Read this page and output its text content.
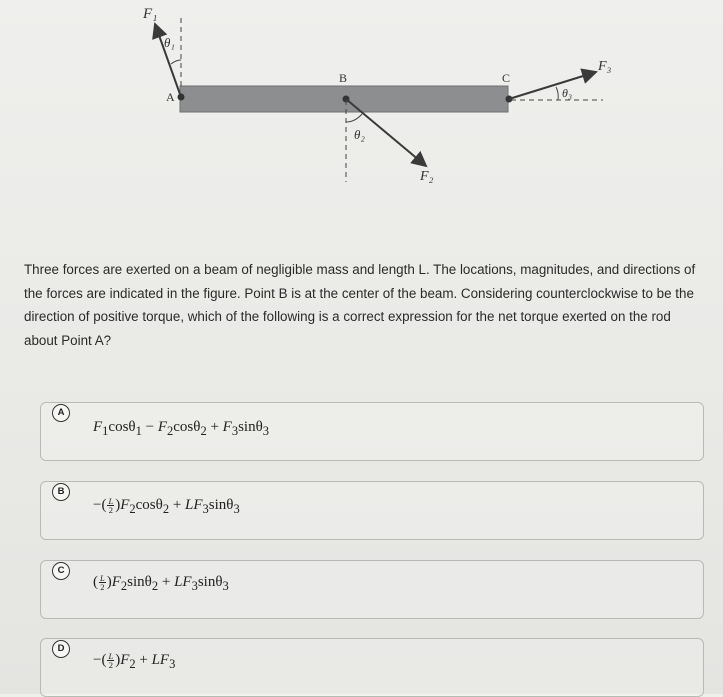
F₁
θ₁
A
B	C
θ₂
F₂
F₃
θ₃

Three forces are exerted on a beam of negligible mass and length L. The locations, magnitudes, and directions of the forces are indicated in the figure. Point B is at the center of the beam. Considering counterclockwise to be the direction of positive torque, which of the following is a correct expression for the net torque exerted on the rod about Point A?

A
$F_1\cos\theta_1 - F_2\cos\theta_2 + F_3\sin\theta_3$
B
−( $\frac{L}{2} )F_2\cos\theta_2 + LF_3\sin\theta_3$
C
( $\frac{L}{2} )F_2\sin\theta_2 + LF_3\sin\theta_3$
D
−( $\frac{L}{2} )F_2 + LF_3$
